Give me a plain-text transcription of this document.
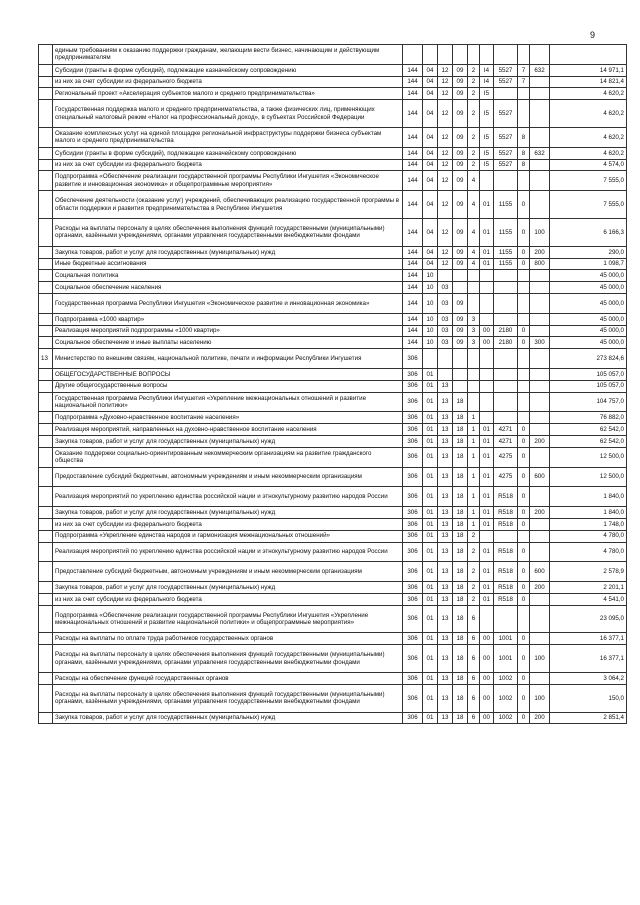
9
	единым требованиям к оказанию поддержки гражданам, желающим вести бизнес, начинающим и действующим предпринимателям										
	Субсидии (гранты в форме субсидий), подлежащие казначейскому сопровождению	144	04	12	09	2	I4	5527	7	632	14 971,1
	из них за счет субсидии из федерального бюджета	144	04	12	09	2	I4	5527	7		14 821,4
	Региональный проект «Акселерация субъектов малого и среднего предпринимательства»	144	04	12	09	2	I5				4 620,2
	Государственная поддержка малого и среднего предпринимательства, а также физических лиц, применяющих специальный налоговый режим «Налог на профессиональный доход», в субъектах Российской Федерации	144	04	12	09	2	I5	5527			4 620,2
	Оказание комплексных услуг на единой площадке региональной инфраструктуры поддержки бизнеса субъектам малого и среднего предпринимательства	144	04	12	09	2	I5	5527	8		4 620,2
	Субсидии (гранты в форме субсидий), подлежащие казначейскому сопровождению	144	04	12	09	2	I5	5527	8	632	4 620,2
	из них за счет субсидии из федерального бюджета	144	04	12	09	2	I5	5527	8		4 574,0
	Подпрограмма «Обеспечение реализации государственной программы Республики Ингушетия «Экономическое развитие и инновационная экономика» и общепрограммные мероприятия»	144	04	12	09	4					7 555,0
	Обеспечение деятельности (оказание услуг) учреждений, обеспечивающих реализацию государственной программы в области поддержки и развития предпринимательства в Республике Ингушетия	144	04	12	09	4	01	1155	0		7 555,0
	Расходы на выплаты персоналу в целях обеспечения выполнения функций государственными (муниципальными) органами, казёнными учреждениями, органами управления государственными внебюджетными фондами	144	04	12	09	4	01	1155	0	100	6 166,3
	Закупка товаров, работ и услуг для государственных (муниципальных) нужд	144	04	12	09	4	01	1155	0	200	290,0
	Иные бюджетные ассигнования	144	04	12	09	4	01	1155	0	800	1 098,7
	Социальная политика	144	10								45 000,0
	Социальное обеспечение населения	144	10	03							45 000,0
	Государственная программа Республики Ингушетия «Экономическое развитие и инновационная экономика»	144	10	03	09						45 000,0
	Подпрограмма «1000 квартир»	144	10	03	09	3					45 000,0
	Реализация мероприятий подпрограммы «1000 квартир»	144	10	03	09	3	00	2180	0		45 000,0
	Социальное обеспечение и иные выплаты населению	144	10	03	09	3	00	2180	0	300	45 000,0
13	Министерство по внешним связям, национальной политике, печати и информации Республики Ингушетия	306									273 824,6
	ОБЩЕГОСУДАРСТВЕННЫЕ ВОПРОСЫ	306	01								105 057,0
	Другие общегосударственные вопросы	306	01	13							105 057,0
	Государственная программа Республики Ингушетия «Укрепление межнациональных отношений и развитие национальной политики»	306	01	13	18						104 757,0
	Подпрограмма «Духовно-нравственное воспитание населения»	306	01	13	18	1					76 882,0
	Реализация мероприятий, направленных на духовно-нравственное воспитание населения	306	01	13	18	1	01	4271	0		62 542,0
	Закупка товаров, работ и услуг для государственных (муниципальных) нужд	306	01	13	18	1	01	4271	0	200	62 542,0
	Оказание поддержки социально-ориентированным некоммерческим организациям на развитие гражданского общества	306	01	13	18	1	01	4275	0		12 500,0
	Предоставление субсидий бюджетным, автономным учреждениям и иным некоммерческим организациям	306	01	13	18	1	01	4275	0	600	12 500,0
	Реализация мероприятий по укреплению единства российской нации и этнокультурному развитию народов России	306	01	13	18	1	01	R518	0		1 840,0
	Закупка товаров, работ и услуг для государственных (муниципальных) нужд	306	01	13	18	1	01	R518	0	200	1 840,0
	из них за счет субсидии из федерального бюджета	306	01	13	18	1	01	R518	0		1 748,0
	Подпрограмма «Укрепление единства народов и гармонизация межнациональных отношений»	306	01	13	18	2					4 780,0
	Реализация мероприятий по укреплению единства российской нации и этнокультурному развитию народов России	306	01	13	18	2	01	R518	0		4 780,0
	Предоставление субсидий бюджетным, автономным учреждениям и иным некоммерческим организациям	306	01	13	18	2	01	R518	0	600	2 578,9
	Закупка товаров, работ и услуг для государственных (муниципальных) нужд	306	01	13	18	2	01	R518	0	200	2 201,1
	из них за счет субсидии из федерального бюджета	306	01	13	18	2	01	R518	0		4 541,0
	Подпрограмма «Обеспечение реализации государственной программы Республики Ингушетия «Укрепление межнациональных отношений и развитие национальной политики» и общепрограммные мероприятия»	306	01	13	18	6					23 095,0
	Расходы на выплаты по оплате труда работников государственных органов	306	01	13	18	6	00	1001	0		16 377,1
	Расходы на выплаты персоналу в целях обеспечения выполнения функций государственными (муниципальными) органами, казёнными учреждениями, органами управления государственными внебюджетными фондами	306	01	13	18	6	00	1001	0	100	16 377,1
	Расходы на обеспечение функций государственных органов	306	01	13	18	6	00	1002	0		3 064,2
	Расходы на выплаты персоналу в целях обеспечения выполнения функций государственными (муниципальными) органами, казёнными учреждениями, органами управления государственными внебюджетными фондами	306	01	13	18	6	00	1002	0	100	150,0
	Закупка товаров, работ и услуг для государственных (муниципальных) нужд	306	01	13	18	6	00	1002	0	200	2 851,4
